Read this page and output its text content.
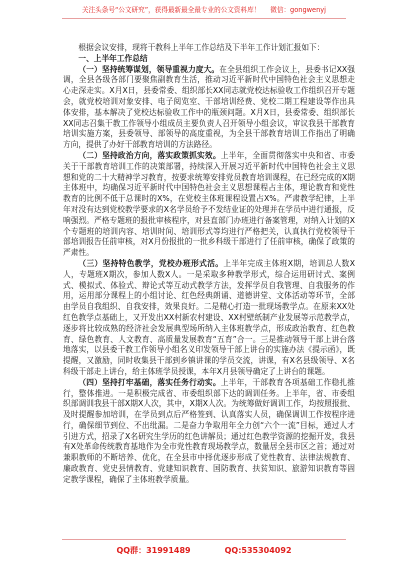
关注头条号“公文研究”，获得最新最全最专业的公文资料库！ 微信：gongwenyj

根据会议安排，现将干教科上半年工作总结及下半年工作计划汇报如下：

一、上半年工作总结

（一）坚持统筹谋划，领导重视力度大。在全县组织工作会议上，县委书记XX强调，全县各级各部门要聚焦副教育生活，推动习近平新时代中国特色社会主义思想走心走深走实。X月X日，县委常委、组织部长XX同志就党校达标验收工作组织召开专题会，就党校培训对象安排、电子阅览室、干部培训经费、党校二期工程建设等作出具体安排，基本解决了党校达标验收工作中的瓶颈问题。X月X日，县委常委、组织部长XX同志召集干教工作领导小组成员主要负责人召开领导小组会议，审议我县干部教育培训实施方案，县委领导、部领导的高度重视，为全县干部教育培训工作指出了明确方向，提供了办好干部教育培训的方法路径。

（二）坚持政治方向，落实政策抓实效。上半年，全面贯彻落实中央和省、市委关于干部教育培训工作的决策部署，持续深入开展习近平新时代中国特色社会主义思想和党的二十大精神学习教育，按要求统筹安排党员教育培训课程，在已经完成的X期主体班中，均确保习近平新时代中国特色社会主义思想课程占主体，理论教育和党性教育的比例不低于总课时的X%，在党校主体班课程设置占X%。严肃教学纪律，上半年对没有达到党校教学要求的X名学员给予不发结业证的处理并在学员中进行通报，反响强烈。严格专题班的报批审核程序，对县直部门办班进行备案管理，对纳入计划的X个专题班的培训内容、培训时间、培训形式等均进行严格把关，认真执行党校领导干部培训报告任前审核，对X月份报批的一批乡科级干部进行了任前审核，确保了政策的严肃性。

（三）坚持特色教学，党校办班形式活。上半年完成主体班X期，培训总人数X人，专题班X期次，参加人数X人。一是采取多种教学形式，综合运用研讨式、案例式、模拟式、体验式、辩论式等互动式教学方法，发挥学员自我管理、自我服务的作用，运用部分课程上的小组讨论、红色经典朗诵、道德讲堂、文体活动等环节，全部由学员自我组织、自我安排，效果良好。二是精心打造一批现场教学点。在原来XX处红色教学点基础上，又开发出XX村新农村建设、XX村壁纸制产业发展等示范教学点，逐步将比较成熟的经济社会发展典型场所纳入主体班教学点，形成政治教育、红色教育、绿色教育、人文教育、高质量发展教育“五育”合一。三是推动领导干部上讲台落地落实，以县委干教工作领导小组名义印发领导干部上讲台的实施办法《提示函》，既提醒，又激励，同时收集县干部到乡镇讲课的学员交流，讲课，有X名县级领导、X名科级干部走上讲台，给主体班学员授课，本年X月县领导确定了上讲台的课题。

（四）坚持打牢基础，落实任务行动实。上半年，干部教育各项基础工作稳扎推行，整体推进。一是积极完成省、市委组织部下达的调训任务。上半年，省、市委组织部调训我县干部X期X人次，其中，X期X人次。为统筹做好调训工作，均按照报批、及时提醒参加培训，在学员到点后严格签到、认真落实人员，确保调训工作按程序进行，确保细节到位、不出纰漏。二是奋力争取用年全力创“六个一流”目标，通过人才引进方式，招录了X名研究生学历的红色讲解员；通过红色教学资源的挖掘开发，我县有X处革命传统教育基地作为全市党性教育现场教学点，数量居全县市区之首；通过对兼职教师的不断培养、优化，在全县市中择优逐步形成了党性教育、法律法规教育、廉政教育、党史县情教育、党建知识教育、国防教育、扶贫知识、旅游知识教育等固定教学课程，确保了主体班教学质量。

QQ群：31991489	QQ:535304092
